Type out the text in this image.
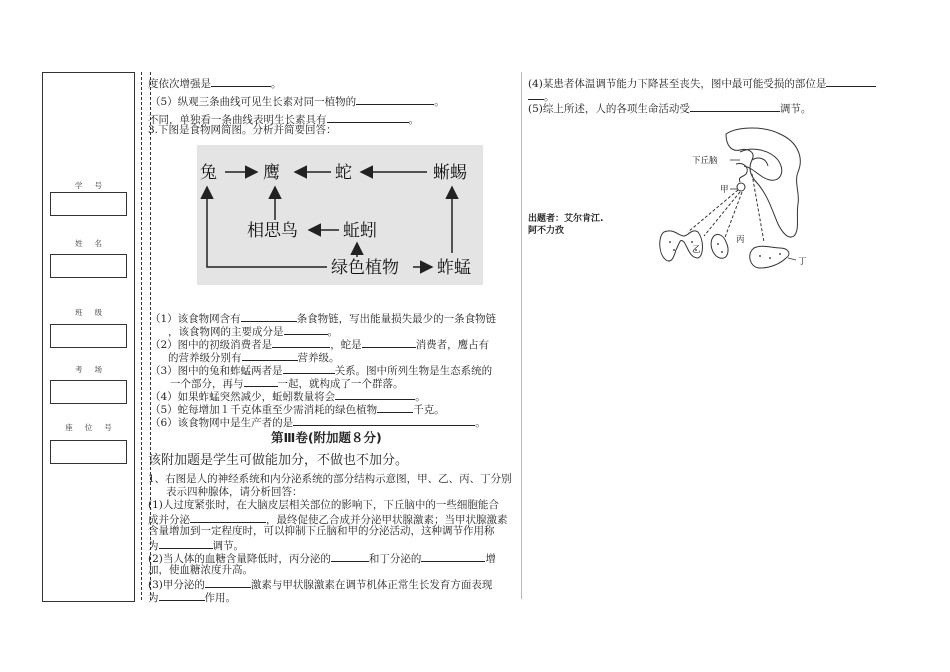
学号
姓名
班级
考场
座位号
度依次增强是	。
（5）纵观三条曲线可见生长素对同一植物的	。
不同，单独看一条曲线表明生长素具有	。
3.下图是食物网简图。分析并简要回答：
兔	鹰	蛇	蜥蜴
相思鸟	蚯蚓
绿色植物 蚱蜢
（1）该食物网含有	条食物链，写出能量损失最少的一条食物链
，该食物网的主要成分是	。
（2）图中的初级消费者是	，蛇是	消费者，鹰占有
的营养级分别有	营养级。
（3）图中的兔和蚱蜢两者是	关系。图中所列生物是生态系统的
一个部分，再与	一起，就构成了一个群落。
（4）如果蚱蜢突然减少，蚯蚓数量将会	。
（5）蛇每增加１千克体重至少需消耗的绿色植物	千克。
（6）该食物网中是生产者的是	。
第Ⅲ卷(附加题８分)
该附加题是学生可做能加分，不做也不加分。
1、右图是人的神经系统和内分泌系统的部分结构示意图，甲、乙、丙、丁分别
表示四种腺体，请分析回答：
(1)人过度紧张时，在大脑皮层相关部位的影响下，下丘脑中的一些细胞能合
成并分泌	，最终促使乙合成并分泌甲状腺激素；当甲状腺激素
含量增加到一定程度时，可以抑制下丘脑和甲的分泌活动，这种调节作用称
为	调节。
(2)当人体的血糖含量降低时，丙分泌的	和丁分泌的	增
加，使血糖浓度升高。
(3)甲分泌的	激素与甲状腺激素在调节机体正常生长发育方面表现
为	作用。
(4)某患者体温调节能力下降甚至丧失，图中最可能受损的部位是
。
(5)综上所述，人的各项生命活动受	调节。
出题者：艾尔肯江.
阿不力孜
下丘脑
甲
乙
丙
丁
